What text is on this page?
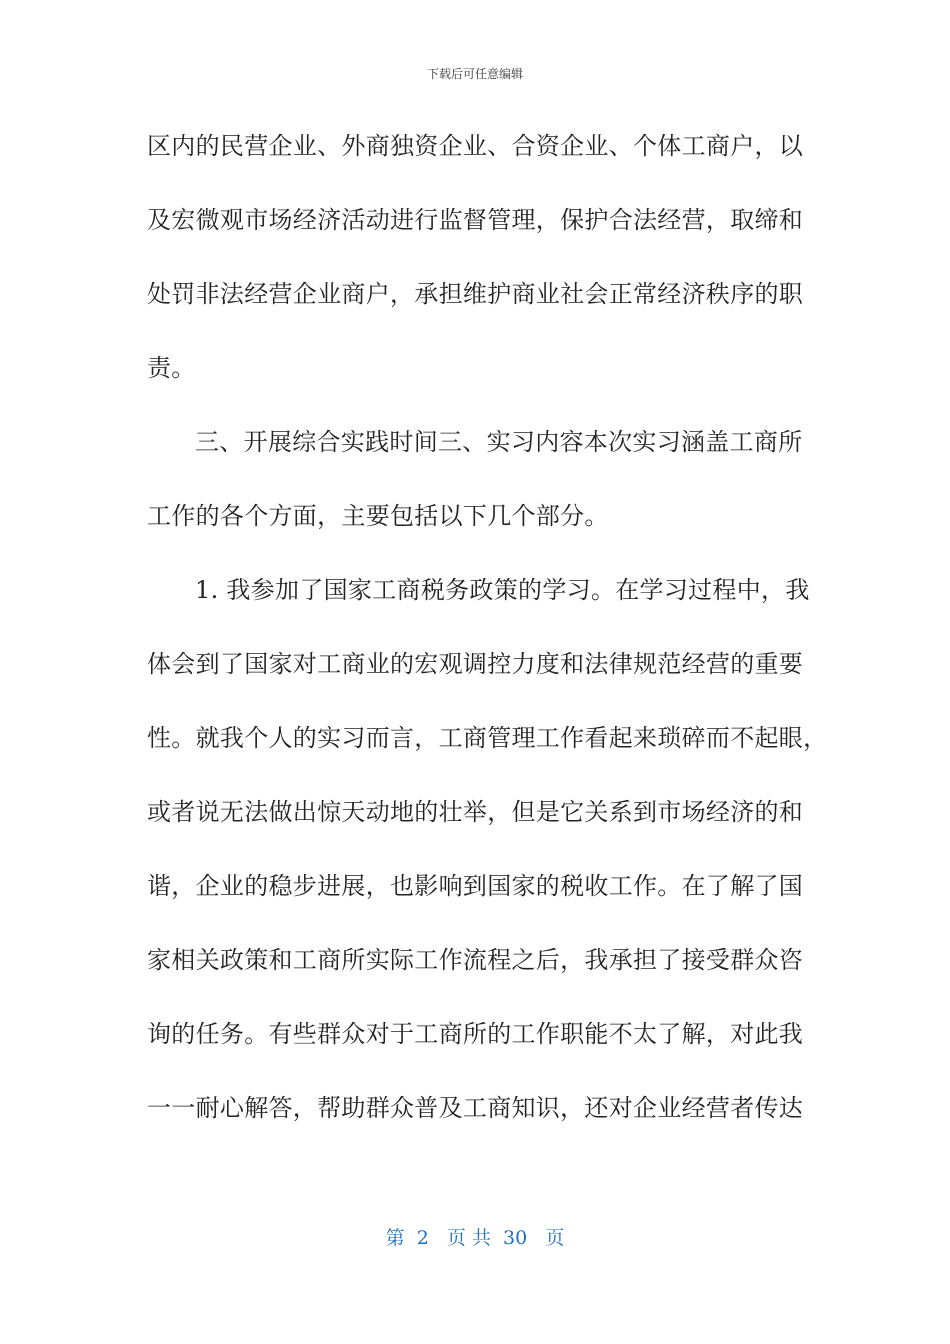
下载后可任意编辑
区内的民营企业、外商独资企业、合资企业、个体工商户，以
及宏微观市场经济活动进行监督管理，保护合法经营，取缔和
处罚非法经营企业商户，承担维护商业社会正常经济秩序的职
责。
三、开展综合实践时间三、实习内容本次实习涵盖工商所
工作的各个方面，主要包括以下几个部分。
1. 我参加了国家工商税务政策的学习。在学习过程中，我
体会到了国家对工商业的宏观调控力度和法律规范经营的重要
性。就我个人的实习而言，工商管理工作看起来琐碎而不起眼，
或者说无法做出惊天动地的壮举，但是它关系到市场经济的和
谐，企业的稳步进展，也影响到国家的税收工作。在了解了国
家相关政策和工商所实际工作流程之后，我承担了接受群众咨
询的任务。有些群众对于工商所的工作职能不太了解，对此我
一一耐心解答，帮助群众普及工商知识，还对企业经营者传达
第  2   页 共  30   页
